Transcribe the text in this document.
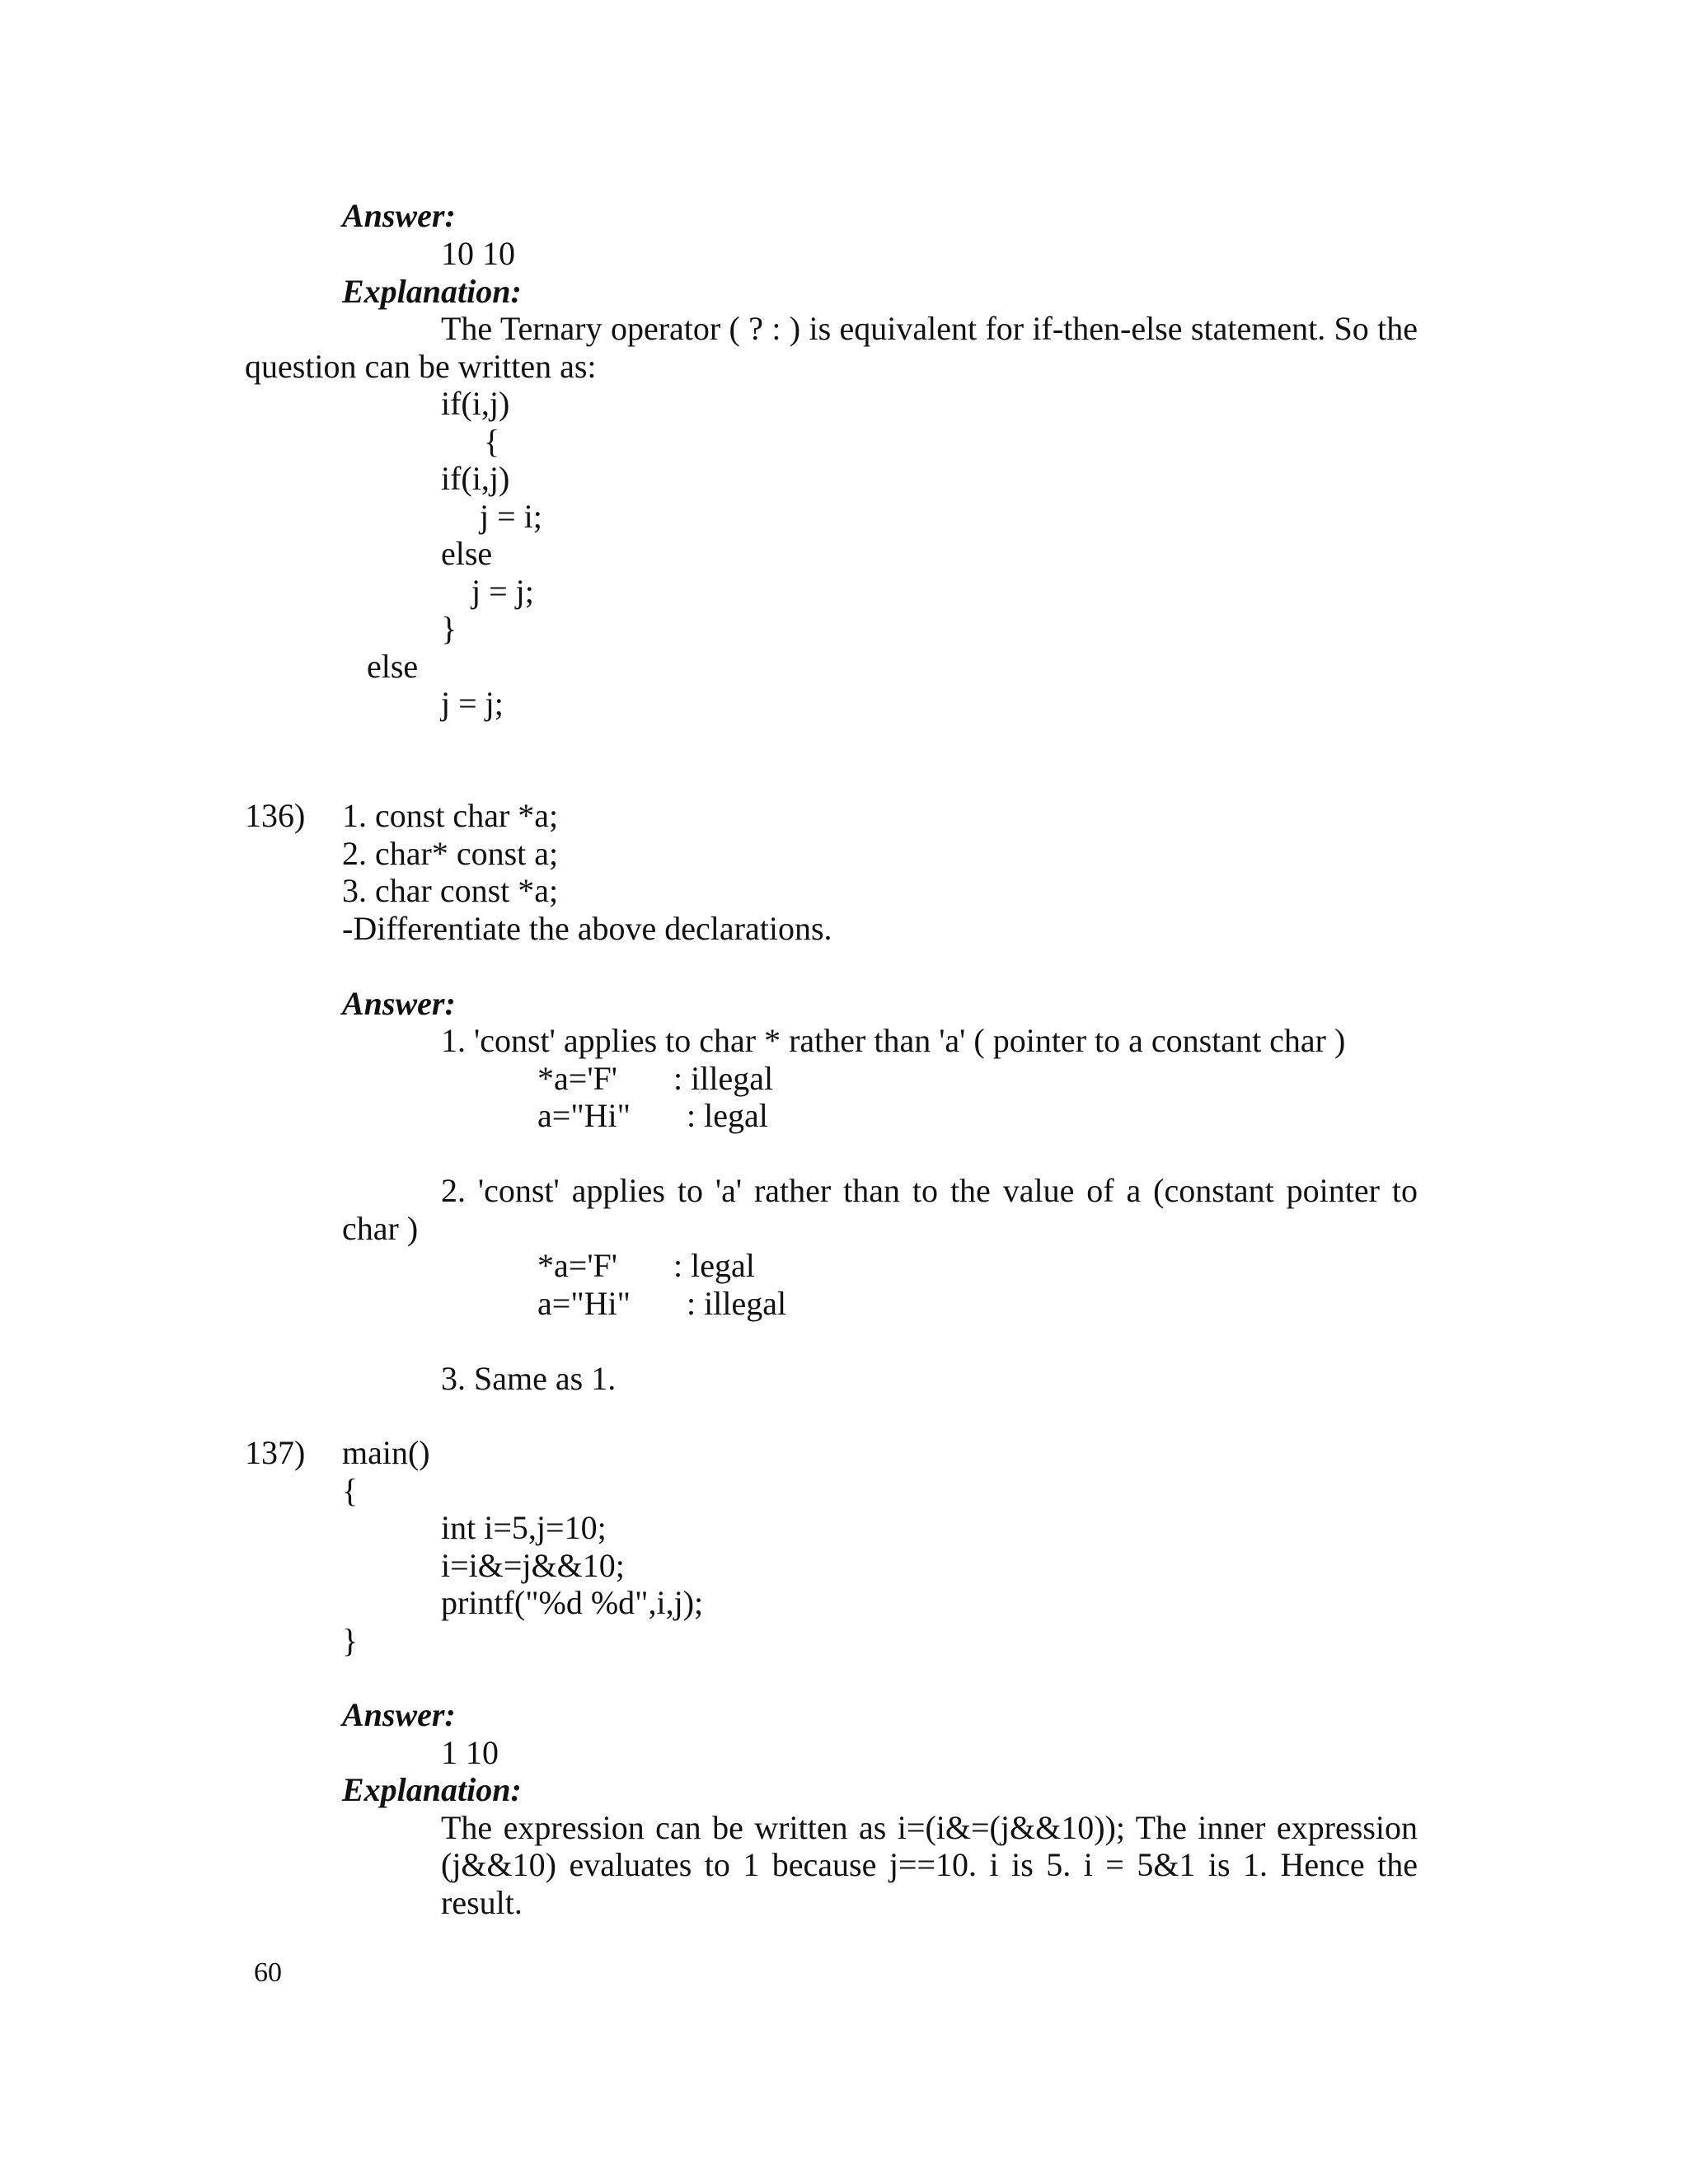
Answer:
10 10
Explanation:
The Ternary operator ( ? : ) is equivalent for if-then-else statement. So the
question can be written as:
if(i,j)
{
if(i,j)
j = i;
else
j = j;
}
else
j = j;
136) 1. const char *a;
2. char* const a;
3. char const *a;
-Differentiate the above declarations.
Answer:
1. 'const' applies to char * rather than 'a' ( pointer to a constant char )
*a='F' : illegal
a="Hi" : legal
2. 'const' applies to 'a' rather than to the value of a (constant pointer to
char )
*a='F' : legal
a="Hi" : illegal
3. Same as 1.
137) main()
{
int i=5,j=10;
i=i&=j&&10;
printf("%d %d",i,j);
}
Answer:
1 10
Explanation:
The expression can be written as i=(i&=(j&&10)); The inner expression
(j&&10) evaluates to 1 because j==10. i is 5. i = 5&1 is 1. Hence the
result.
60
